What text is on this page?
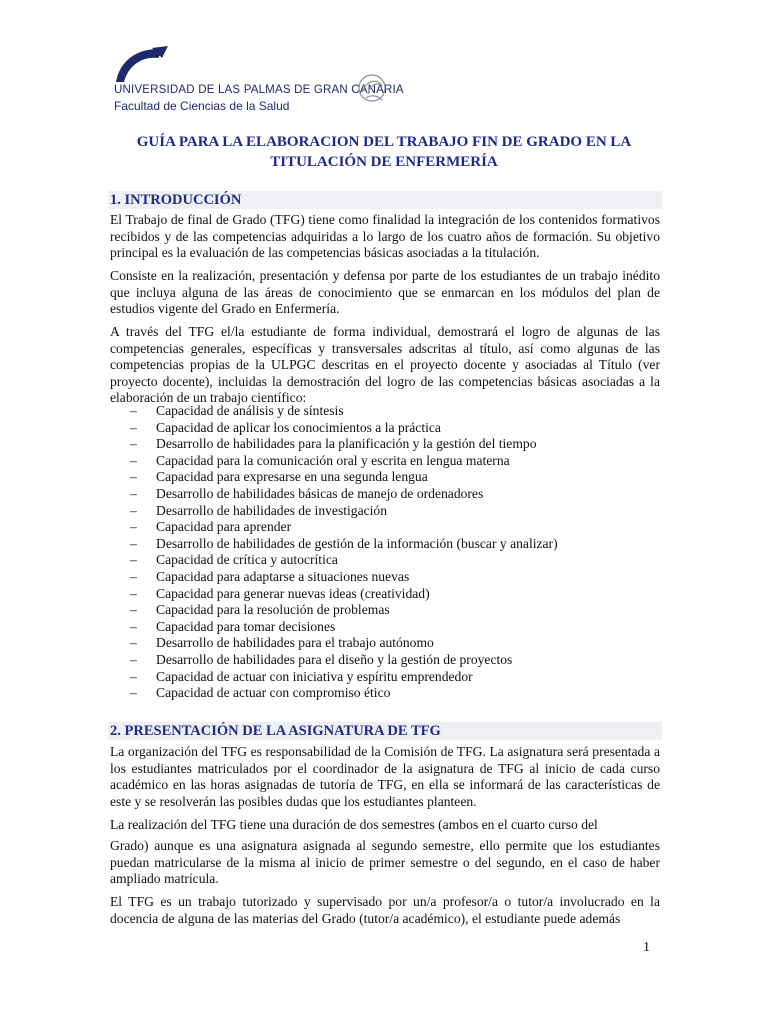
UNIVERSIDAD DE LAS PALMAS DE GRAN CANARIA
Facultad de Ciencias de la Salud
GUÍA PARA LA ELABORACION DEL TRABAJO FIN DE GRADO EN LA
TITULACIÓN DE ENFERMERÍA
1. INTRODUCCIÓN

El Trabajo de final de Grado (TFG) tiene como finalidad la integración de los contenidos formativos recibidos y de las competencias adquiridas a lo largo de los cuatro años de formación. Su objetivo principal es la evaluación de las competencias básicas asociadas a la titulación.

Consiste en la realización, presentación y defensa por parte de los estudiantes de un trabajo inédito que incluya alguna de las áreas de conocimiento que se enmarcan en los módulos del plan de estudios vigente del Grado en Enfermería.

A través del TFG el/la estudiante de forma individual, demostrará el logro de algunas de las competencias generales, específicas y transversales adscritas al título, así como algunas de las competencias propias de la ULPGC descritas en el proyecto docente y asociadas al Título (ver proyecto docente), incluidas la demostración del logro de las competencias básicas asociadas a la elaboración de un trabajo científico:

– Capacidad de análisis y de síntesis
– Capacidad de aplicar los conocimientos a la práctica
– Desarrollo de habilidades para la planificación y la gestión del tiempo
– Capacidad para la comunicación oral y escrita en lengua materna
– Capacidad para expresarse en una segunda lengua
– Desarrollo de habilidades básicas de manejo de ordenadores
– Desarrollo de habilidades de investigación
– Capacidad para aprender
– Desarrollo de habilidades de gestión de la información (buscar y analizar)
– Capacidad de crítica y autocrítica
– Capacidad para adaptarse a situaciones nuevas
– Capacidad para generar nuevas ideas (creatividad)
– Capacidad para la resolución de problemas
– Capacidad para tomar decisiones
– Desarrollo de habilidades para el trabajo autónomo
– Desarrollo de habilidades para el diseño y la gestión de proyectos
– Capacidad de actuar con iniciativa y espíritu emprendedor
– Capacidad de actuar con compromiso ético
2. PRESENTACIÓN DE LA ASIGNATURA DE TFG

La organización del TFG es responsabilidad de la Comisión de TFG. La asignatura será presentada a los estudiantes matriculados por el coordinador de la asignatura de TFG al inicio de cada curso académico en las horas asignadas de tutoría de TFG, en ella se informará de las características de este y se resolverán las posibles dudas que los estudiantes planteen.

La realización del TFG tiene una duración de dos semestres (ambos en el cuarto curso del

Grado) aunque es una asignatura asignada al segundo semestre, ello permite que los estudiantes puedan matricularse de la misma al inicio de primer semestre o del segundo, en el caso de haber ampliado matrícula.

El TFG es un trabajo tutorizado y supervisado por un/a profesor/a o tutor/a involucrado en la docencia de alguna de las materias del Grado (tutor/a académico), el estudiante puede además

1
